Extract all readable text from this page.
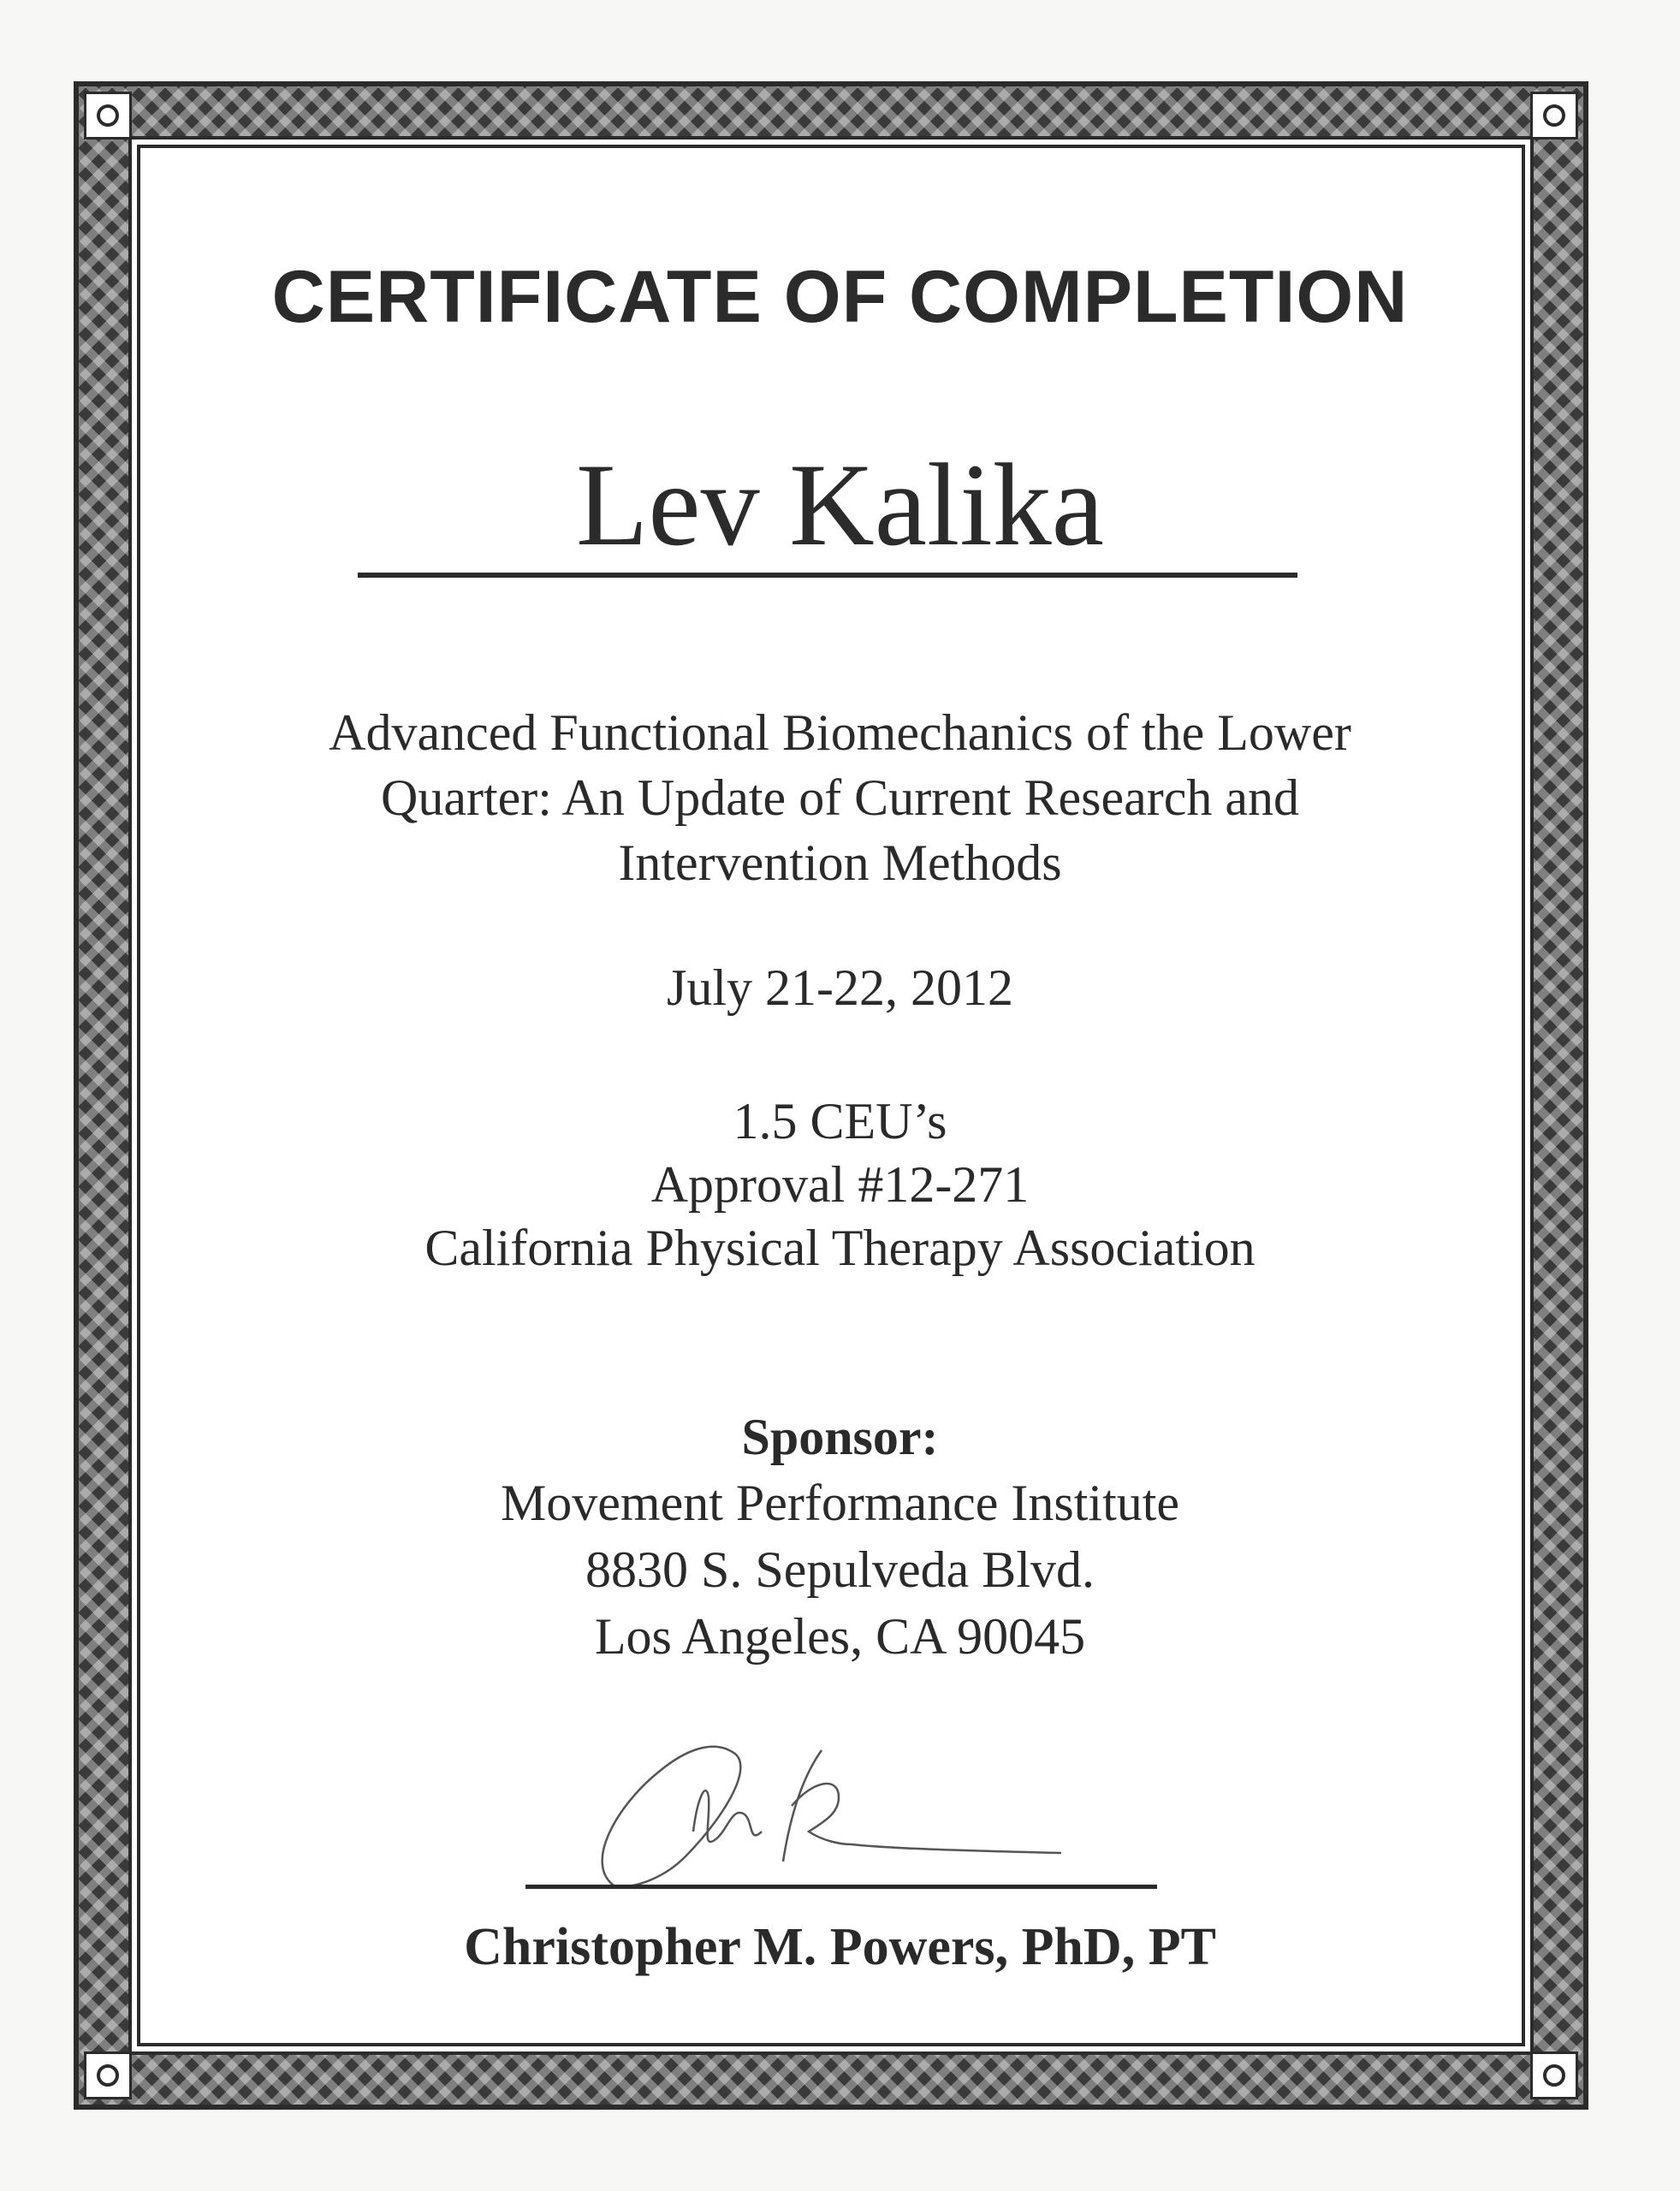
CERTIFICATE OF COMPLETION
Lev Kalika
Advanced Functional Biomechanics of the Lower
Quarter: An Update of Current Research and
Intervention Methods
July 21-22, 2012
1.5 CEU’s
Approval #12-271
California Physical Therapy Association
Sponsor:
Movement Performance Institute
8830 S. Sepulveda Blvd.
Los Angeles, CA 90045
Christopher M. Powers, PhD, PT
